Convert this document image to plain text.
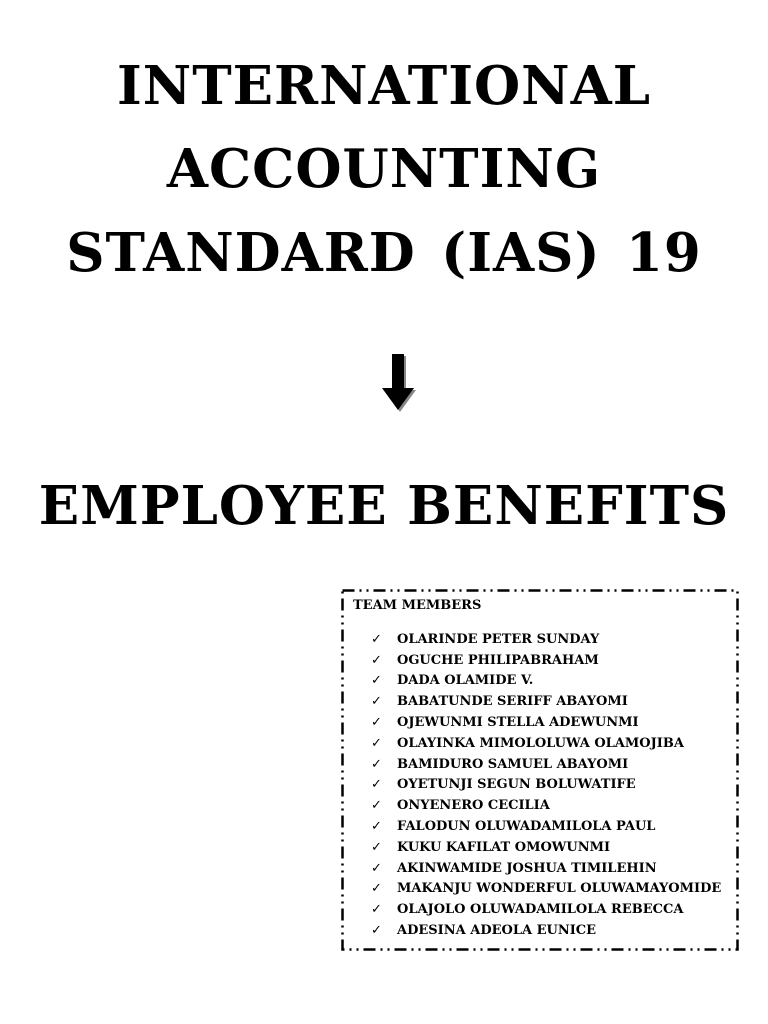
INTERNATIONAL
ACCOUNTING
STANDARD (IAS) 19
EMPLOYEE BENEFITS
TEAM MEMBERS
✓	OLARINDE PETER SUNDAY
✓	OGUCHE PHILIPABRAHAM
✓	DADA OLAMIDE V.
✓	BABATUNDE SERIFF ABAYOMI
✓	OJEWUNMI STELLA ADEWUNMI
✓	OLAYINKA MIMOLOLUWA OLAMOJIBA
✓	BAMIDURO SAMUEL ABAYOMI
✓	OYETUNJI SEGUN BOLUWATIFE
✓	ONYENERO CECILIA
✓	FALODUN OLUWADAMILOLA PAUL
✓	KUKU KAFILAT OMOWUNMI
✓	AKINWAMIDE JOSHUA TIMILEHIN
✓	MAKANJU WONDERFUL OLUWAMAYOMIDE
✓	OLAJOLO OLUWADAMILOLA REBECCA
✓	ADESINA ADEOLA EUNICE
